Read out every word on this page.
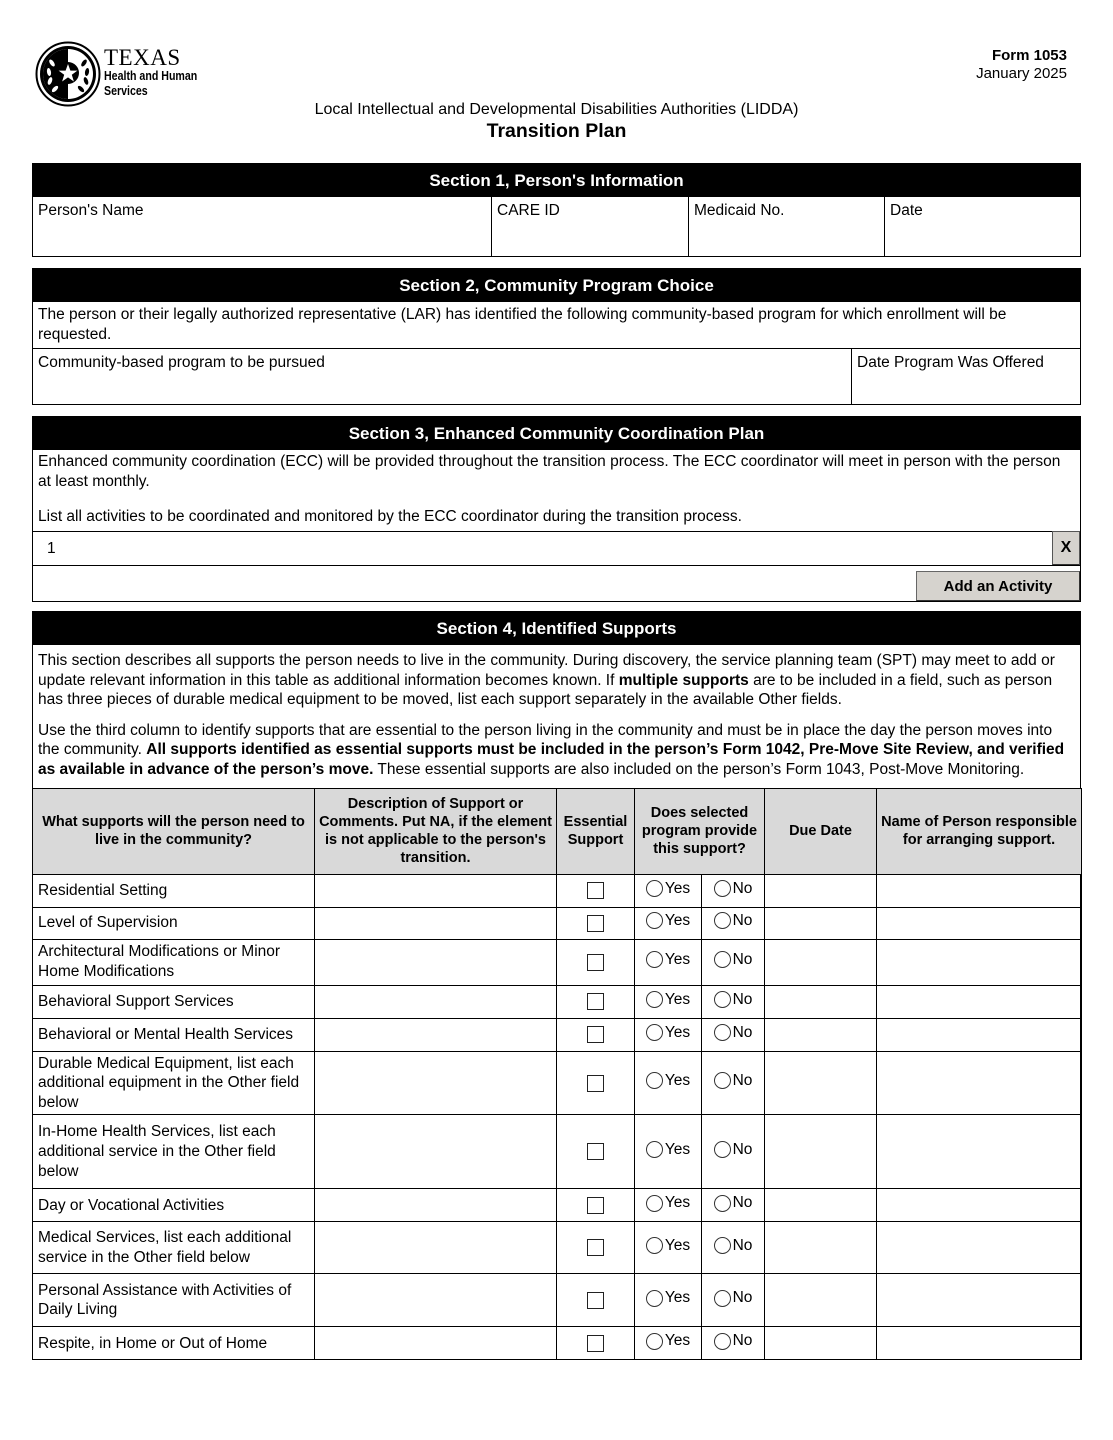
TEXAS
Health and Human
Services
Form 1053
January 2025
Local Intellectual and Developmental Disabilities Authorities (LIDDA)
Transition Plan
Section 1, Person's Information
Person's Name	CARE ID	Medicaid No.	Date
Section 2, Community Program Choice
The person or their legally authorized representative (LAR) has identified the following community-based program for which enrollment will be requested.
Community-based program to be pursued	Date Program Was Offered
Section 3, Enhanced Community Coordination Plan
Enhanced community coordination (ECC) will be provided throughout the transition process. The ECC coordinator will meet in person with the person at least monthly.
List all activities to be coordinated and monitored by the ECC coordinator during the transition process.
1	X
Add an Activity
Section 4, Identified Supports

This section describes all supports the person needs to live in the community. During discovery, the service planning team (SPT) may meet to add or update relevant information in this table as additional information becomes known. If multiple supports are to be included in a field, such as person has three pieces of durable medical equipment to be moved, list each support separately in the available Other fields.

Use the third column to identify supports that are essential to the person living in the community and must be in place the day the person moves into the community. All supports identified as essential supports must be included in the person’s Form 1042, Pre-Move Site Review, and verified as available in advance of the person’s move. These essential supports are also included on the person’s Form 1043, Post-Move Monitoring.

What supports will the person need to live in the community?	Description of Support or Comments. Put NA, if the element is not applicable to the person's transition.	Essential Support	Does selected program provide this support?		Due Date	Name of Person responsible for arranging support.
Residential Setting			Yes	No		

Level of Supervision			Yes	No		

Architectural Modifications or Minor Home Modifications			Yes	No		

Behavioral Support Services			Yes	No		

Behavioral or Mental Health Services			Yes	No		

Durable Medical Equipment, list each additional equipment in the Other field below			Yes	No		

In-Home Health Services, list each additional service in the Other field below			Yes	No		

Day or Vocational Activities			Yes	No		

Medical Services, list each additional service in the Other field below			Yes	No		

Personal Assistance with Activities of Daily Living			Yes	No		

Respite, in Home or Out of Home			Yes	No		
